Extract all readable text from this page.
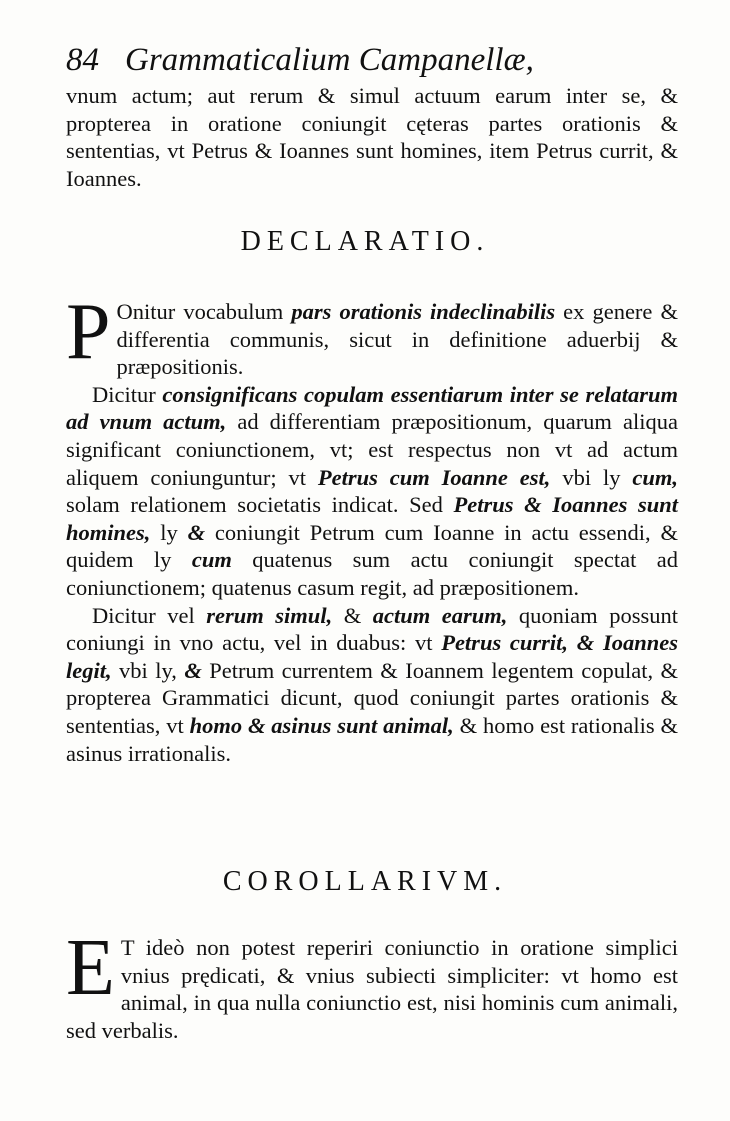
84 Grammaticalium Campanellæ,

vnum actum; aut rerum & simul actuum earum inter se, & propterea in oratione coniungit cęteras partes orationis & sententias, vt Petrus & Ioannes sunt homines, item Petrus currit, & Ioannes.

DECLARATIO.

P Onitur vocabulum pars orationis indeclinabilis ex genere & differentia communis, sicut in definitione aduerbij & præpositionis.

Dicitur consignificans copulam essentiarum inter se relatarum ad vnum actum, ad differentiam præpositionum, quarum aliqua significant coniunctionem, vt; est respectus non vt ad actum aliquem coniunguntur; vt Petrus cum Ioanne est, vbi ly cum, solam relationem societatis indicat. Sed Petrus & Ioannes sunt homines, ly & coniungit Petrum cum Ioanne in actu essendi, & quidem ly cum quatenus sum actu coniungit spectat ad coniunctionem; quatenus casum regit, ad præpositionem.

Dicitur vel rerum simul, & actum earum, quoniam possunt coniungi in vno actu, vel in duabus: vt Petrus currit, & Ioannes legit, vbi ly, & Petrum currentem & Ioannem legentem copulat, & propterea Grammatici dicunt, quod coniungit partes orationis & sententias, vt homo & asinus sunt animal, & homo est rationalis & asinus irrationalis.

COROLLARIVM.

E T ideò non potest reperiri coniunctio in oratione simplici vnius prędicati, & vnius subiecti simpliciter: vt homo est animal, in qua nulla coniunctio est, nisi hominis cum animali, sed verbalis.
